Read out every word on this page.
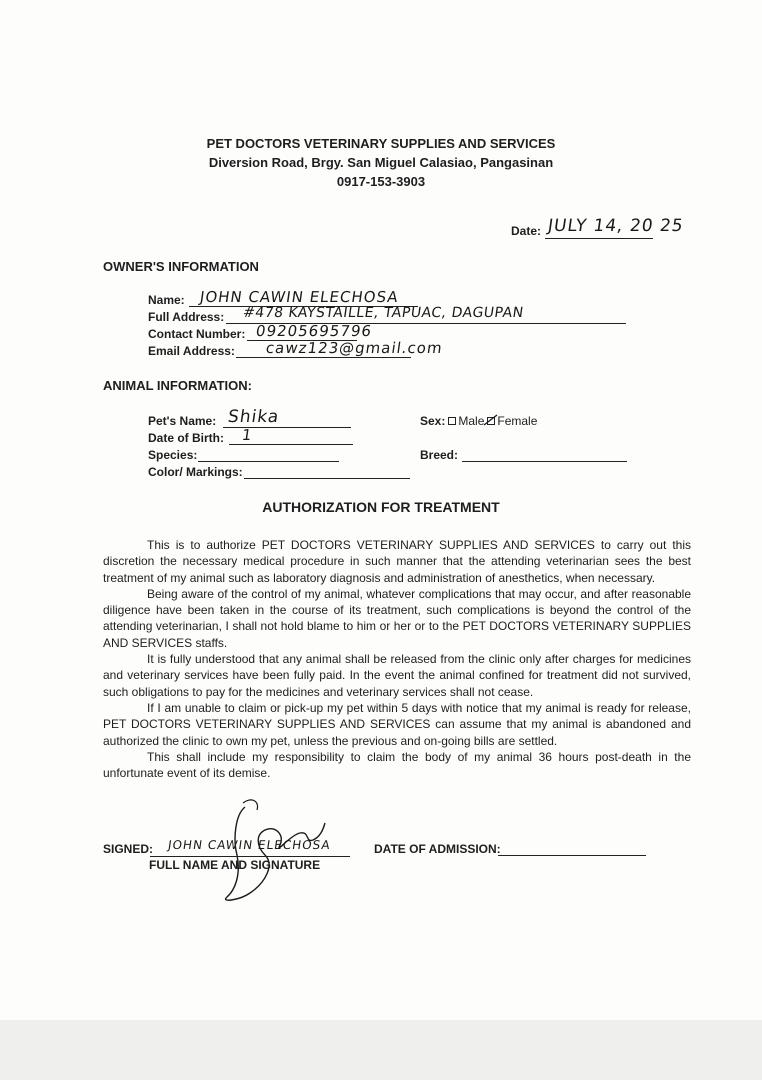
PET DOCTORS VETERINARY SUPPLIES AND SERVICES
Diversion Road, Brgy. San Miguel Calasiao, Pangasinan
0917-153-3903
Date: JULY 14, 20 25
OWNER'S INFORMATION
Name: JOHN CAWIN ELECHOSA
Full Address: #478 KAYSTAILLE, TAPUAC, DAGUPAN
Contact Number: 09205695796
Email Address: cawz123@gmail.com
ANIMAL INFORMATION:
Pet's Name: Shika
Date of Birth: 1
Species:
Color/ Markings:
Sex: Male Female
Breed:
AUTHORIZATION FOR TREATMENT

This is to authorize PET DOCTORS VETERINARY SUPPLIES AND SERVICES to carry out this discretion the necessary medical procedure in such manner that the attending veterinarian sees the best treatment of my animal such as laboratory diagnosis and administration of anesthetics, when necessary.

Being aware of the control of my animal, whatever complications that may occur, and after reasonable diligence have been taken in the course of its treatment, such complications is beyond the control of the attending veterinarian, I shall not hold blame to him or her or to the PET DOCTORS VETERINARY SUPPLIES AND SERVICES staffs.

It is fully understood that any animal shall be released from the clinic only after charges for medicines and veterinary services have been fully paid. In the event the animal confined for treatment did not survived, such obligations to pay for the medicines and veterinary services shall not cease.

If I am unable to claim or pick-up my pet within 5 days with notice that my animal is ready for release, PET DOCTORS VETERINARY SUPPLIES AND SERVICES can assume that my animal is abandoned and authorized the clinic to own my pet, unless the previous and on-going bills are settled.

This shall include my responsibility to claim the body of my animal 36 hours post-death in the unfortunate event of its demise.

SIGNED: JOHN CAWIN ELECHOSA
FULL NAME AND SIGNATURE
DATE OF ADMISSION:
